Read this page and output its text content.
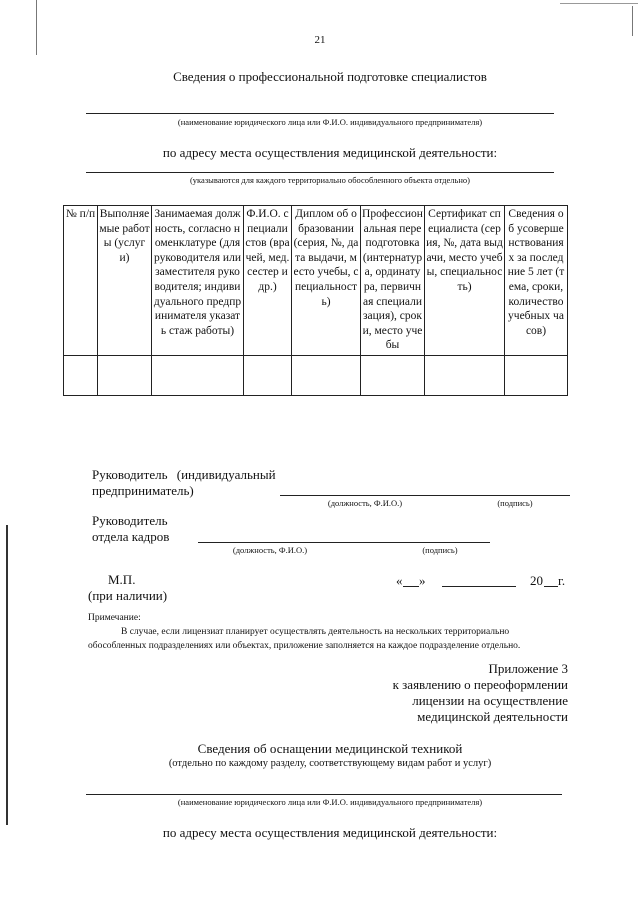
21
Сведения о профессиональной подготовке специалистов
(наименование юридического лица или Ф.И.О. индивидуального предпринимателя)
по адресу места осуществления медицинской деятельности:
(указываются для каждого территориально обособленного объекта отдельно)
№ п/п	Выполняемые работы (услуги)	Занимаемая должность, согласно номенклатуре (для руководителя или заместителя руководителя; индивидуального предпринимателя указать стаж работы)	Ф.И.О. специалистов (врачей, мед. сестер и др.)	Диплом об образовании (серия, №, дата выдачи, место учебы, специальность)	Профессиональная переподготовка (интернатура, ординатура, первичная специализация), сроки, место учебы	Сертификат специалиста (серия, №, дата выдачи, место учебы, специальность)	Сведения об усовершенствованиях за последние 5 лет (тема, сроки, количество учебных часов)

Руководитель (индивидуальный
предприниматель)
(должность, Ф.И.О.)	(подпись)
Руководитель
отдела кадров
(должность, Ф.И.О.)	(подпись)
М.П.
(при наличии)
« »	20 г.
Примечание:
В случае, если лицензиат планирует осуществлять деятельность на нескольких территориально
обособленных подразделениях или объектах, приложение заполняется на каждое подразделение отдельно.
Приложение 3
к заявлению о переоформлении
лицензии на осуществление
медицинской деятельности
Сведения об оснащении медицинской техникой
(отдельно по каждому разделу, соответствующему видам работ и услуг)
(наименование юридического лица или Ф.И.О. индивидуального предпринимателя)
по адресу места осуществления медицинской деятельности:
